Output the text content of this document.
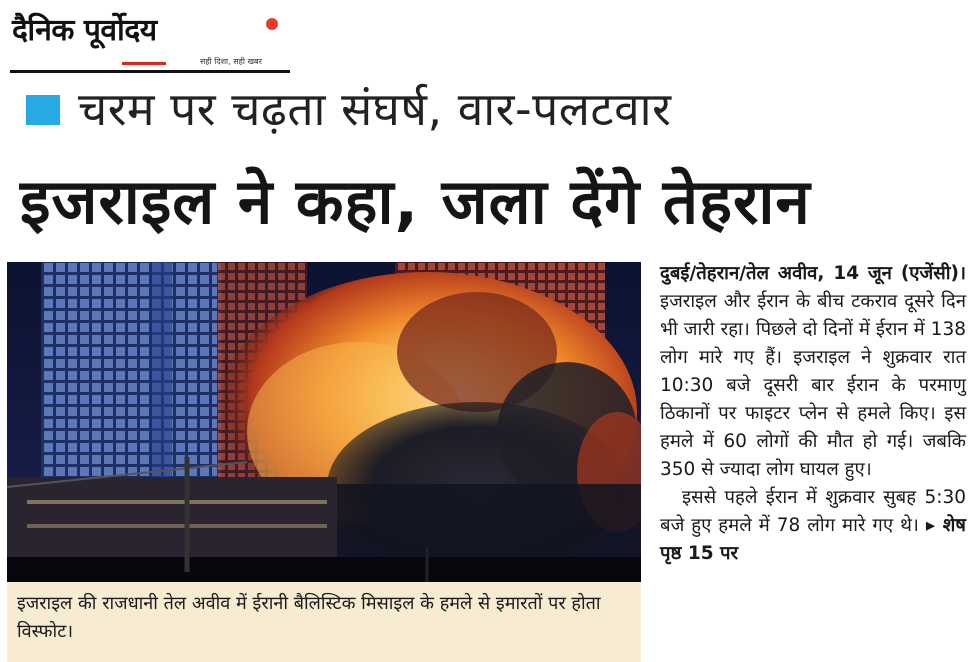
दैनिक पूर्वोदय
सही दिशा, सही खबर
चरम पर चढ़ता संघर्ष, वार-पलटवार
इजराइल ने कहा, जला देंगे तेहरान
इजराइल की राजधानी तेल अवीव में ईरानी बैलिस्टिक मिसाइल के हमले से इमारतों पर होता विस्फोट।

दुबई/तेहरान/तेल अवीव, 14 जून (एजेंसी)। इजराइल और ईरान के बीच टकराव दूसरे दिन भी जारी रहा। पिछले दो दिनों में ईरान में 138 लोग मारे गए हैं। इजराइल ने शुक्रवार रात 10:30 बजे दूसरी बार ईरान के परमाणु ठिकानों पर फाइटर प्लेन से हमले किए। इस हमले में 60 लोगों की मौत हो गई। जबकि 350 से ज्यादा लोग घायल हुए।

इससे पहले ईरान में शुक्रवार सुबह 5:30 बजे हुए हमले में 78 लोग मारे गए थे। ▸ शेष पृष्ठ 15 पर
